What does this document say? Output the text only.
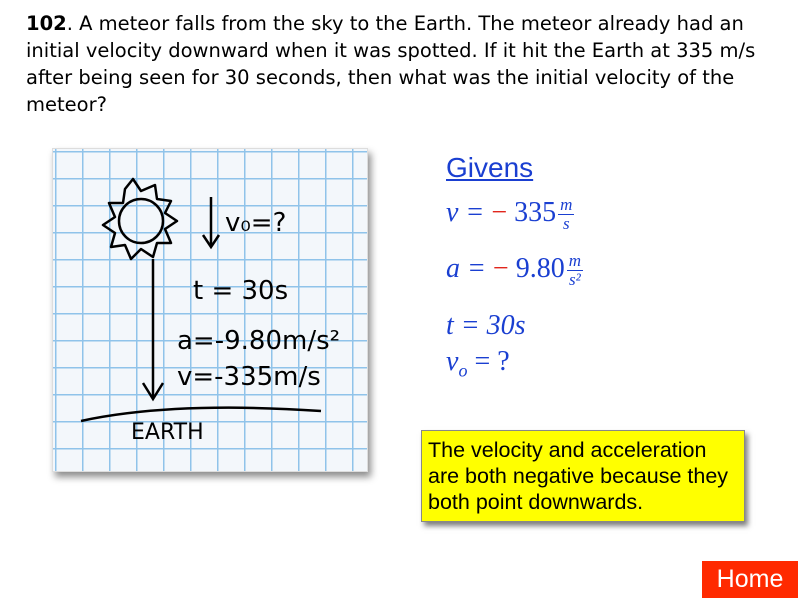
102. A meteor falls from the sky to the Earth. The meteor already had an initial velocity downward when it was spotted. If it hit the Earth at 335 m/s after being seen for 30 seconds, then what was the initial velocity of the meteor?
v₀=?
t = 30s
a=-9.80m/s²
v=-335m/s
EARTH
Givens
v = − $335 \frac{m}{s}$
a = − $9.80 \frac{m}{\text{s²}}$
t = 30s
$v_o$ = ?
The velocity and acceleration are both negative because they both point downwards.
Home
